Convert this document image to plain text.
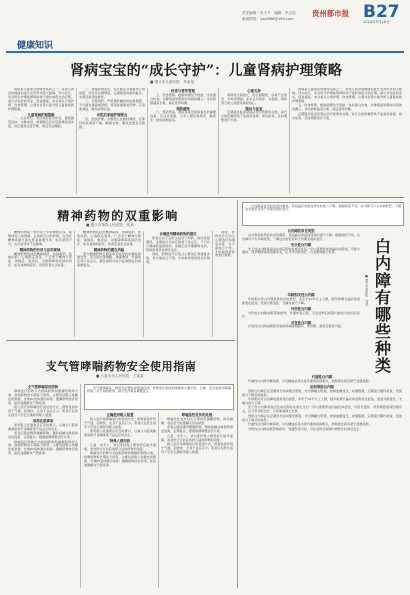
责任编辑：朱千千　编辑：冯文仪
新闻热线：yqyl666@163.com
贵州都市报 B27
2024年5月16日
健康知识
肾病宝宝的“成长守护”：儿童肾病护理策略
■ 遵义市儿童医院　李某某

肾病是儿童常见的慢性疾病之一，对患儿的身体健康和成长发育带来很大影响。作为家长，学会科学护理能够帮助孩子更好地度过治疗期，减少并发症的发生，促进康复。本文将从日常护理、饮食管理、心理支持等方面介绍儿童肾病的护理策略。

儿童肾病护理策略

一、注意休息。急性期应卧床休息，避免剧烈活动；水肿消退、病情稳定后可逐渐增加活动量，但应避免过度劳累，保证充足睡眠。

二、观察病情变化。家长要注意观察孩子的尿量、尿色及水肿情况，定期测量体重和血压，发现异常及时就医。

三、合理用药。严格遵医嘱按时按量服药，不可擅自减量或停药，特别是激素类药物，应逐渐减量，避免病情反复。

出院后家庭护理要点

四、皮肤护理。水肿患儿皮肤较薄弱，应保持皮肤清洁干燥，勤换衣物，避免皮肤受压破损。

饮食与营养管理

五、饮食管理。根据病情给予低盐、优质蛋白饮食，水肿明显时限制水和钠的摄入；多吃新鲜蔬菜水果，保证营养均衡。

预防感染

六、预防感染。感染是诱发肾病复发的重要因素，应注意保暖，少去人群密集场所，勤洗手，按时接种疫苗。

心理支持

肾病患儿病程长、需长期服药，容易产生焦虑、自卑等情绪。家长应多陪伴、多鼓励，帮助孩子树立战胜疾病的信心。

随访与复查

定期随访复查是保证治疗效果的关键，家长应按医嘱带孩子复查尿常规、肾功能等，及时调整治疗方案。

肾病是儿童常见的慢性疾病之一，对患儿的身体健康和成长发育带来很大影响。作为家长，学会科学护理能够帮助孩子更好地度过治疗期，减少并发症的发生，促进康复。本文将从日常护理、饮食管理、心理支持等方面介绍儿童肾病的护理策略。

五、饮食管理。根据病情给予低盐、优质蛋白饮食，水肿明显时限制水和钠的摄入；多吃新鲜蔬菜水果，保证营养均衡。

定期随访复查是保证治疗效果的关键，家长应按医嘱带孩子复查尿常规、肾功能等，及时调整治疗方案。

精神药物的双重影响
■ 遵义市第四人民医院　张某

精神药物是一类作用于中枢神经系统、能够改变人的情绪、认知和行为的药物，在治疗精神疾病方面发挥着重要作用，但若使用不当，也可能带来不良影响。

精神药物的作用与应用领域

精神药物包括抗精神病药、抗抑郁药、抗焦虑药、心境稳定剂等，广泛用于精神分裂症、抑郁症、焦虑症、双相障碍等疾病的治疗，能有效控制症状、改善患者生活质量。

精神药物包括抗精神病药、抗抑郁药、抗焦虑药、心境稳定剂等，广泛用于精神分裂症、抑郁症、焦虑症、双相障碍等疾病的治疗，能有效控制症状、改善患者生活质量。

精神药物的潜在风险

部分精神药物长期使用可能导致依赖性和耐受性，还可能出现嗜睡、体重增加、代谢紊乱等不良反应，擅自停药可能引起戒断症状或病情复发。

合理使用精神药物的建议

患者应在专业医生指导下用药，按时按量服用，定期复诊评估疗效和不良反应，不可自行增减药量或停药。家属应给予理解和支持，帮助患者坚持规范治疗。

同时，药物治疗应结合心理治疗和康复训练，多方面综合干预，才能取得更好的治疗效果。

同时，药物治疗应结合心理治疗和康复训练，多方面综合干预，才能取得更好的治疗效果。

白内障是常见的致盲性眼病，是指晶状体混浊导致的视力下降。根据病因不同，白内障可分为多种类型，了解这些类型有助于早期发现和治疗。

白内障的常见类型

白内障是常见的致盲性眼病，是指晶状体混浊导致的视力下降。根据病因不同，白内障可分为多种类型，了解这些类型有助于早期发现和治疗。

先天性白内障

先天性白内障是指出生前后即存在或出生后一年内逐渐形成的晶状体混浊，可能与遗传、母孕期感染等因素有关，应尽早诊断治疗，以免影响视力发育。	白
内
障
有
哪
些
种
类
■ 遵义市某医院　刘某
年龄相关性白内障

年龄相关性白内障是最常见的类型，多见于50岁以上人群，随年龄增长晶状体逐渐老化混浊，表现为渐进性、无痛性视力下降。

外伤性白内障

外伤性白内障由眼部钝挫伤、穿通伤等引起，可在受伤后短期内或较长时间后发生。

并发性白内障

并发性白内障由眼部其他疾病如葡萄膜炎、青光眼、高度近视等引起。

代谢性白内障

代谢性白内障与糖尿病、半乳糖血症等全身代谢性疾病相关，控制原发病有助于延缓进展。

如何预防白内障

预防白内障应注意避免长时间强光照射，外出佩戴太阳镜，控制血糖血压，戒烟限酒，定期进行眼科检查，发现视力下降及时就医。

年龄相关性白内障是最常见的类型，多见于50岁以上人群，随年龄增长晶状体逐渐老化混浊，表现为渐进性、无痛性视力下降。

先天性白内障是指出生前后即存在或出生后一年内逐渐形成的晶状体混浊，可能与遗传、母孕期感染等因素有关，应尽早诊断治疗，以免影响视力发育。

预防白内障应注意避免长时间强光照射，外出佩戴太阳镜，控制血糖血压，戒烟限酒，定期进行眼科检查，发现视力下降及时就医。

代谢性白内障与糖尿病、半乳糖血症等全身代谢性疾病相关，控制原发病有助于延缓进展。

外伤性白内障由眼部钝挫伤、穿通伤等引起，可在受伤后短期内或较长时间后发生。

支气管哮喘药物安全使用指南
■ 六盘水市人民医院　王某某
支气管哮喘常用药物

哮喘治疗药物分为控制药物和缓解药物两大类。控制药物需长期每天使用，主要包括吸入性糖皮质激素、长效β2受体激动剂等；缓解药物按需使用，能迅速缓解支气管痉挛。

吸入治疗是哮喘治疗的首选方式，药物直接作用于气道，起效快、全身不良反应少。患者应在医生指导下学会正确使用吸入装置。

用药注意事项

使用吸入性激素后应及时漱口，以减少口腔真菌感染和声音嘶哑等不良反应的发生。

患者应随身携带缓解药物，避免接触过敏原和诱发因素，定期复诊，根据病情调整治疗方案。

哮喘治疗药物分为控制药物和缓解药物两大类。控制药物需长期每天使用，主要包括吸入性糖皮质激素、长效β2受体激动剂等；缓解药物按需使用，能迅速缓解支气管痉挛。

支气管哮喘是一种常见的慢性呼吸道疾病，药物治疗是控制哮喘的主要手段。正确、安全地使用哮喘药物，对于控制病情、减少发作具有重要意义。

正确使用吸入装置

吸入治疗是哮喘治疗的首选方式，药物直接作用于气道，起效快、全身不良反应少。患者应在医生指导下学会正确使用吸入装置。

使用吸入性激素后应及时漱口，以减少口腔真菌感染和声音嘶哑等不良反应的发生。

特殊人群用药

儿童、老年人、孕妇等特殊人群用药应格外谨慎，需在医生评估后选择合适的药物和剂量。

哮喘治疗药物分为控制药物和缓解药物两大类。控制药物需长期每天使用，主要包括吸入性糖皮质激素、长效β2受体激动剂等；缓解药物按需使用，能迅速缓解支气管痉挛。

哮喘急性发作的处理

哮喘急性发作时应立即使用缓解药物，保持镇静，若症状不能缓解应及时就医。

患者应随身携带缓解药物，避免接触过敏原和诱发因素，定期复诊，根据病情调整治疗方案。

儿童、老年人、孕妇等特殊人群用药应格外谨慎，需在医生评估后选择合适的药物和剂量。

吸入治疗是哮喘治疗的首选方式，药物直接作用于气道，起效快、全身不良反应少。患者应在医生指导下学会正确使用吸入装置。
